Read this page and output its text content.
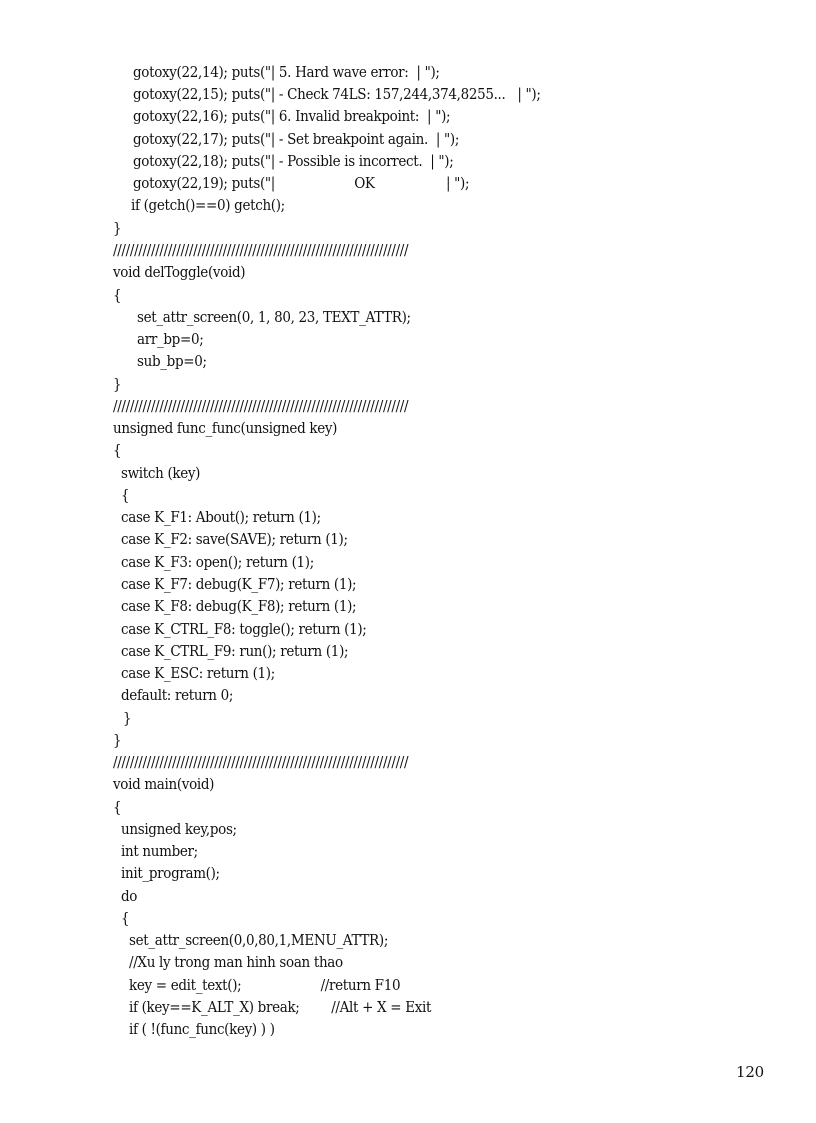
gotoxy(22,14); puts("| 5. Hard wave error:  | ");
gotoxy(22,15); puts("| - Check 74LS: 157,244,374,8255...   | ");
gotoxy(22,16); puts("| 6. Invalid breakpoint:  | ");
gotoxy(22,17); puts("| - Set breakpoint again.  | ");
gotoxy(22,18); puts("| - Possible is incorrect.  | ");
gotoxy(22,19); puts("|                    OK                  | ");
if (getch()==0) getch();
}
//////////////////////////////////////////////////////////////////////
void delToggle(void)
{
set_attr_screen(0, 1, 80, 23, TEXT_ATTR);
arr_bp=0;
sub_bp=0;
}
//////////////////////////////////////////////////////////////////////
unsigned func_func(unsigned key)
{
switch (key)
{
case K_F1: About(); return (1);
case K_F2: save(SAVE); return (1);
case K_F3: open(); return (1);
case K_F7: debug(K_F7); return (1);
case K_F8: debug(K_F8); return (1);
case K_CTRL_F8: toggle(); return (1);
case K_CTRL_F9: run(); return (1);
case K_ESC: return (1);
default: return 0;
}
}
//////////////////////////////////////////////////////////////////////
void main(void)
{
unsigned key,pos;
int number;
init_program();
do
{
set_attr_screen(0,0,80,1,MENU_ATTR);
//Xu ly trong man hinh soan thao
key = edit_text();                    //return F10
if (key==K_ALT_X) break;        //Alt + X = Exit
if ( !(func_func(key) ) )
120
